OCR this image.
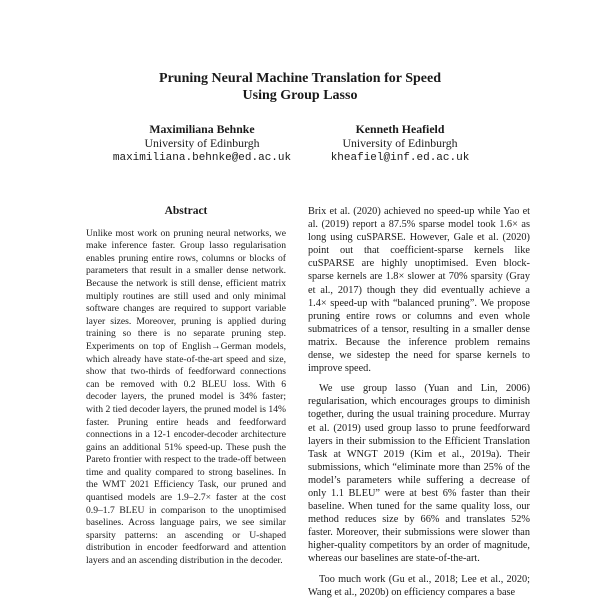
Pruning Neural Machine Translation for Speed
Using Group Lasso
Maximiliana Behnke
University of Edinburgh
maximiliana.behnke@ed.ac.uk
Kenneth Heafield
University of Edinburgh
kheafiel@inf.ed.ac.uk
Abstract

Unlike most work on pruning neural networks, we make inference faster. Group lasso regularisation enables pruning entire rows, columns or blocks of parameters that result in a smaller dense network. Because the network is still dense, efficient matrix multiply routines are still used and only minimal software changes are required to support variable layer sizes. Moreover, pruning is applied during training so there is no separate pruning step. Experiments on top of English→German models, which already have state-of-the-art speed and size, show that two-thirds of feedforward connections can be removed with 0.2 BLEU loss. With 6 decoder layers, the pruned model is 34% faster; with 2 tied decoder layers, the pruned model is 14% faster. Pruning entire heads and feedforward connections in a 12-1 encoder-decoder architecture gains an additional 51% speed-up. These push the Pareto frontier with respect to the trade-off between time and quality compared to strong baselines. In the WMT 2021 Efficiency Task, our pruned and quantised models are 1.9–2.7× faster at the cost 0.9–1.7 BLEU in comparison to the unoptimised baselines. Across language pairs, we see similar sparsity patterns: an ascending or U-shaped distribution in encoder feedforward and attention layers and an ascending distribution in the decoder.

Brix et al. (2020) achieved no speed-up while Yao et al. (2019) report a 87.5% sparse model took 1.6× as long using cuSPARSE. However, Gale et al. (2020) point out that coefficient-sparse kernels like cuSPARSE are highly unoptimised. Even block-sparse kernels are 1.8× slower at 70% sparsity (Gray et al., 2017) though they did eventually achieve a 1.4× speed-up with “balanced pruning”. We propose pruning entire rows or columns and even whole submatrices of a tensor, resulting in a smaller dense matrix. Because the inference problem remains dense, we sidestep the need for sparse kernels to improve speed.

We use group lasso (Yuan and Lin, 2006) regularisation, which encourages groups to diminish together, during the usual training procedure. Murray et al. (2019) used group lasso to prune feedforward layers in their submission to the Efficient Translation Task at WNGT 2019 (Kim et al., 2019a). Their submissions, which “eliminate more than 25% of the model’s parameters while suffering a decrease of only 1.1 BLEU” were at best 6% faster than their baseline. When tuned for the same quality loss, our method reduces size by 66% and translates 52% faster. Moreover, their submissions were slower than higher-quality competitors by an order of magnitude, whereas our baselines are state-of-the-art.

Too much work (Gu et al., 2018; Lee et al., 2020; Wang et al., 2020b) on efficiency compares a base
